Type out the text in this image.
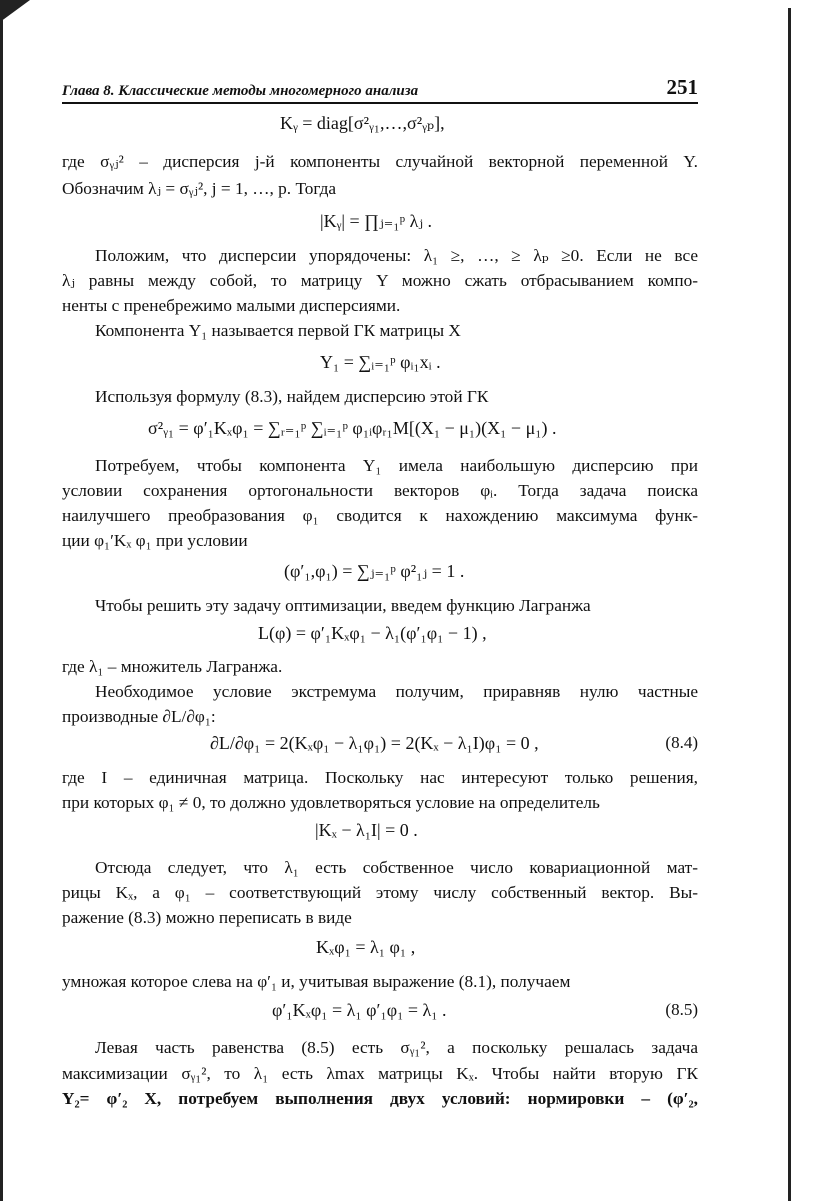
Глава 8. Классические методы многомерного анализа	251
Kᵧ = diag[σ²ᵧ₁,…,σ²ᵧₚ],
где σᵧⱼ² – дисперсия j-й компоненты случайной векторной переменной Y.
Обозначим λⱼ = σᵧⱼ², j = 1, …, p. Тогда
|Kᵧ| = ∏ⱼ₌₁ᵖ λⱼ .
Положим, что дисперсии упорядочены: λ₁ ≥, …, ≥ λₚ ≥0. Если не все
λⱼ равны между собой, то матрицу Y можно сжать отбрасыванием компо-
ненты с пренебрежимо малыми дисперсиями.
Компонента Y₁ называется первой ГК матрицы X
Y₁ = ∑ᵢ₌₁ᵖ φᵢ₁xᵢ .
Используя формулу (8.3), найдем дисперсию этой ГК
σ²ᵧ₁ = φ′₁Kₓφ₁ = ∑ᵣ₌₁ᵖ ∑ᵢ₌₁ᵖ φ₁ᵢφᵣ₁M[(X₁ − μ₁)(X₁ − μ₁) .
Потребуем, чтобы компонента Y₁ имела наибольшую дисперсию при
условии сохранения ортогональности векторов φᵢ. Тогда задача поиска
наилучшего преобразования φ₁ сводится к нахождению максимума функ-
ции φ₁′Kₓ φ₁ при условии
(φ′₁,φ₁) = ∑ⱼ₌₁ᵖ φ²₁ⱼ = 1 .
Чтобы решить эту задачу оптимизации, введем функцию Лагранжа
L(φ) = φ′₁Kₓφ₁ − λ₁(φ′₁φ₁ − 1) ,
где λ₁ – множитель Лагранжа.
Необходимое условие экстремума получим, приравняв нулю частные
производные ∂L/∂φ₁:
∂L/∂φ₁ = 2(Kₓφ₁ − λ₁φ₁) = 2(Kₓ − λ₁I)φ₁ = 0 ,	(8.4)
где I – единичная матрица. Поскольку нас интересуют только решения,
при которых φ₁ ≠ 0, то должно удовлетворяться условие на определитель
|Kₓ − λ₁I| = 0 .
Отсюда следует, что λ₁ есть собственное число ковариационной мат-
рицы Kₓ, а φ₁ – соответствующий этому числу собственный вектор. Вы-
ражение (8.3) можно переписать в виде
Kₓφ₁ = λ₁ φ₁ ,
умножая которое слева на φ′₁ и, учитывая выражение (8.1), получаем
φ′₁Kₓφ₁ = λ₁ φ′₁φ₁ = λ₁ .	(8.5)
Левая часть равенства (8.5) есть σᵧ₁², а поскольку решалась задача
максимизации σᵧ₁², то λ₁ есть λmax матрицы Kₓ. Чтобы найти вторую ГК
Y₂= φ′₂ X, потребуем выполнения двух условий: нормировки – (φ′₂,
